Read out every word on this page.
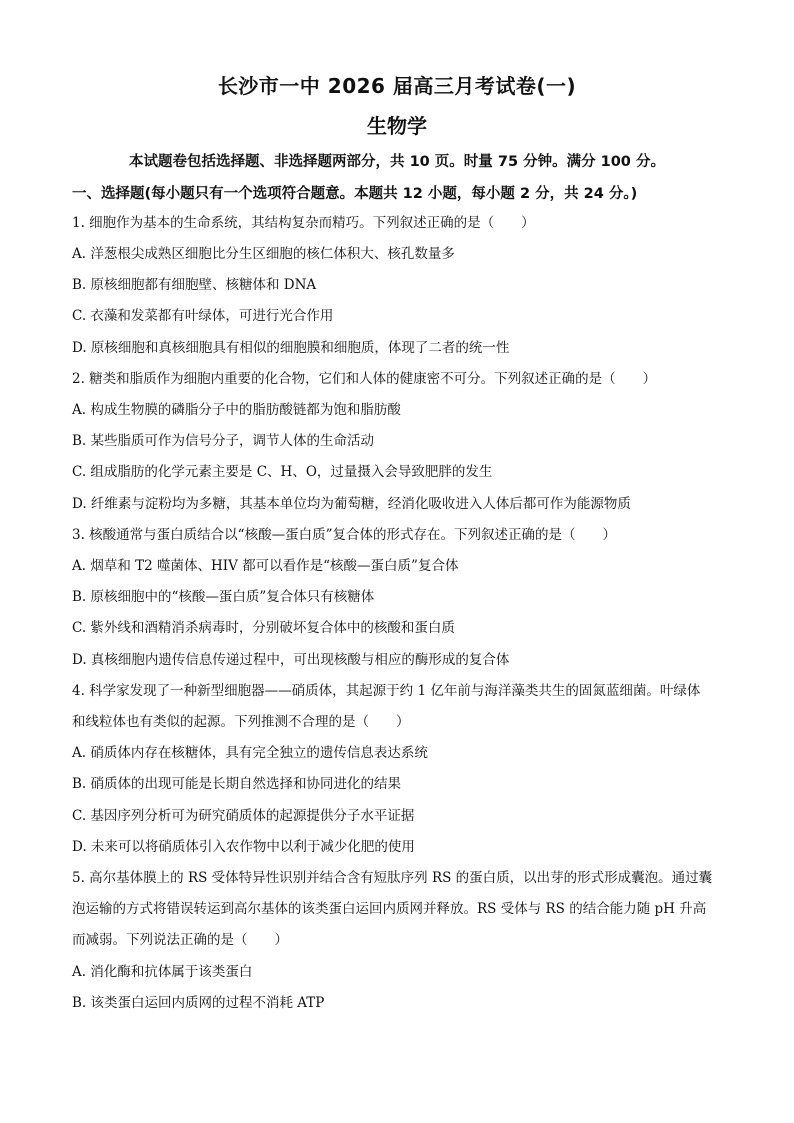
长沙市一中 2026 届高三月考试卷(一)
生物学
本试题卷包括选择题、非选择题两部分，共 10 页。时量 75 分钟。满分 100 分。
一、选择题(每小题只有一个选项符合题意。本题共 12 小题，每小题 2 分，共 24 分。)
1. 细胞作为基本的生命系统，其结构复杂而精巧。下列叙述正确的是（　　）
A. 洋葱根尖成熟区细胞比分生区细胞的核仁体积大、核孔数量多
B. 原核细胞都有细胞壁、核糖体和 DNA
C. 衣藻和发菜都有叶绿体，可进行光合作用
D. 原核细胞和真核细胞具有相似的细胞膜和细胞质，体现了二者的统一性
2. 糖类和脂质作为细胞内重要的化合物，它们和人体的健康密不可分。下列叙述正确的是（　　）
A. 构成生物膜的磷脂分子中的脂肪酸链都为饱和脂肪酸
B. 某些脂质可作为信号分子，调节人体的生命活动
C. 组成脂肪的化学元素主要是 C、H、O，过量摄入会导致肥胖的发生
D. 纤维素与淀粉均为多糖，其基本单位均为葡萄糖，经消化吸收进入人体后都可作为能源物质
3. 核酸通常与蛋白质结合以“核酸—蛋白质”复合体的形式存在。下列叙述正确的是（　　）
A. 烟草和 T2 噬菌体、HIV 都可以看作是“核酸—蛋白质”复合体
B. 原核细胞中的“核酸—蛋白质”复合体只有核糖体
C. 紫外线和酒精消杀病毒时，分别破坏复合体中的核酸和蛋白质
D. 真核细胞内遗传信息传递过程中，可出现核酸与相应的酶形成的复合体
4. 科学家发现了一种新型细胞器——硝质体，其起源于约 1 亿年前与海洋藻类共生的固氮蓝细菌。叶绿体
和线粒体也有类似的起源。下列推测不合理的是（　　）
A. 硝质体内存在核糖体，具有完全独立的遗传信息表达系统
B. 硝质体的出现可能是长期自然选择和协同进化的结果
C. 基因序列分析可为研究硝质体的起源提供分子水平证据
D. 未来可以将硝质体引入农作物中以利于减少化肥的使用
5. 高尔基体膜上的 RS 受体特异性识别并结合含有短肽序列 RS 的蛋白质，以出芽的形式形成囊泡。通过囊
泡运输的方式将错误转运到高尔基体的该类蛋白运回内质网并释放。RS 受体与 RS 的结合能力随 pH 升高
而减弱。下列说法正确的是（　　）
A. 消化酶和抗体属于该类蛋白
B. 该类蛋白运回内质网的过程不消耗 ATP
